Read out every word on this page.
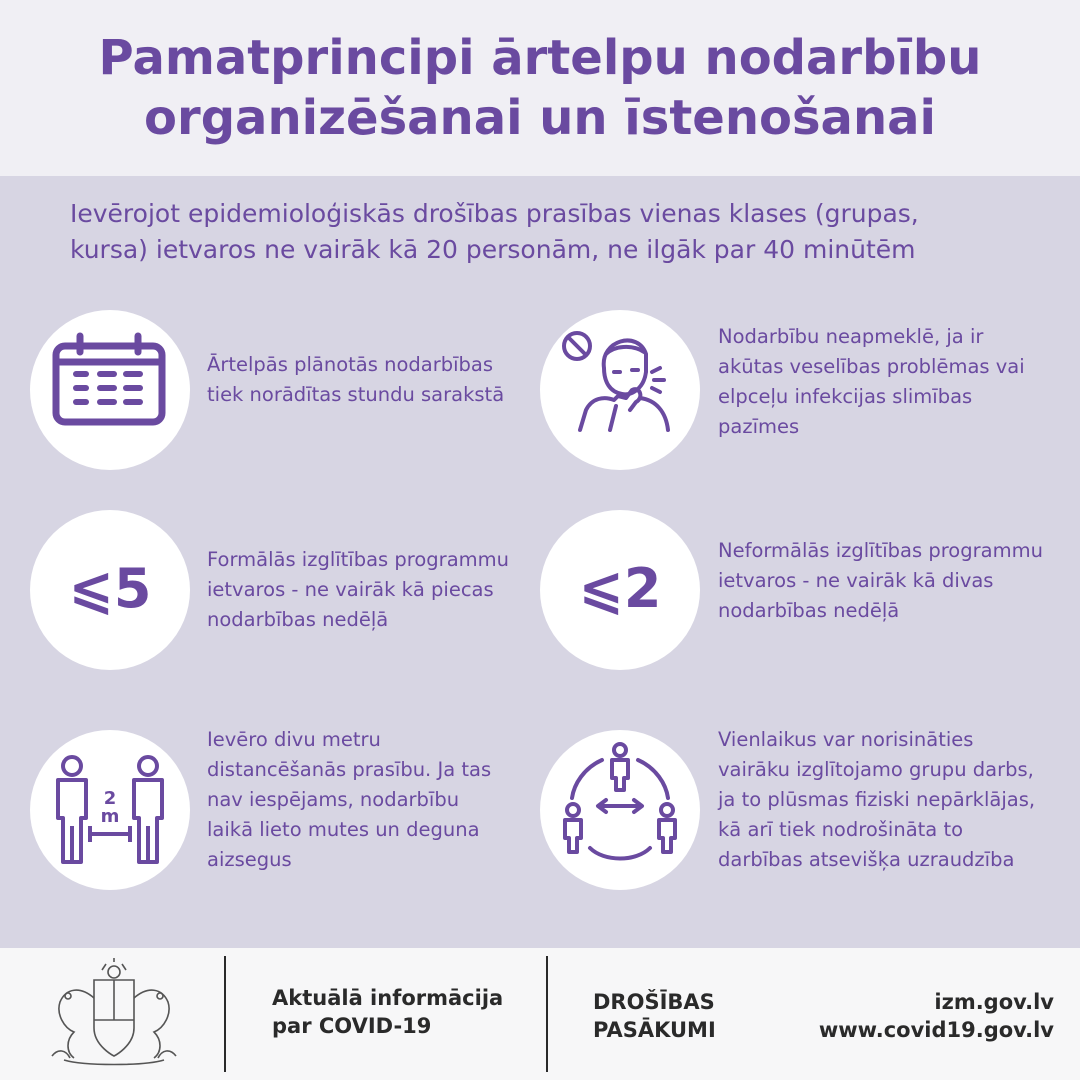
Pamatprincipi ārtelpu nodarbību
organizēšanai un īstenošanai
Ievērojot epidemioloģiskās drošības prasības vienas klases (grupas,
kursa) ietvaros ne vairāk kā 20 personām, ne ilgāk par 40 minūtēm
Ārtelpās plānotās nodarbības
tiek norādītas stundu sarakstā
Nodarbību neapmeklē, ja ir
akūtas veselības problēmas vai
elpceļu infekcijas slimības
pazīmes
⩽5	Formālās izglītības programmu
ietvaros - ne vairāk kā piecas
nodarbības nedēļā	⩽2
Neformālās izglītības programmu
ietvaros - ne vairāk kā divas
nodarbības nedēļā
2
m
Ievēro divu metru
distancēšanās prasību. Ja tas
nav iespējams, nodarbību
laikā lieto mutes un deguna
aizsegus
Vienlaikus var norisināties
vairāku izglītojamo grupu darbs,
ja to plūsmas fiziski nepārklājas,
kā arī tiek nodrošināta to
darbības atsevišķa uzraudzība
Aktuālā informācija
par COVID-19
DROŠĪBAS
PASĀKUMI
izm.gov.lv
www.covid19.gov.lv
